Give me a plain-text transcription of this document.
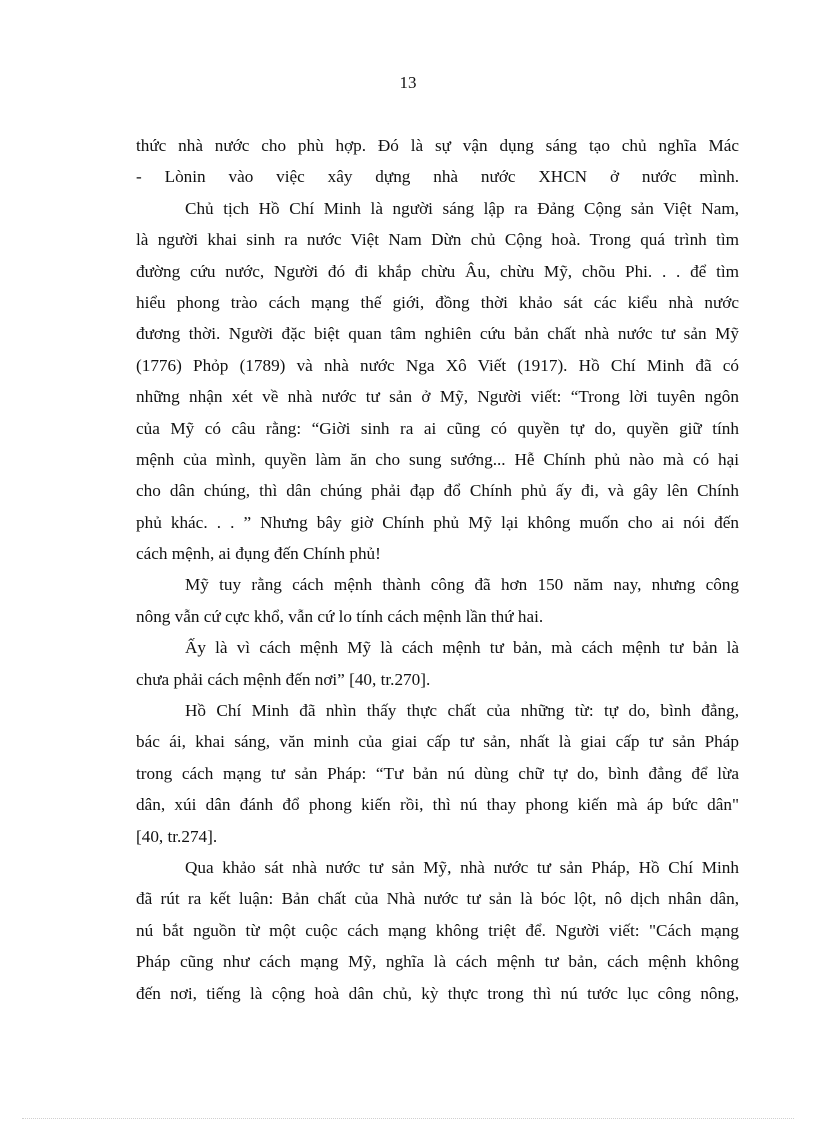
13
thức nhà nước cho phù hợp. Đó là sự vận dụng sáng tạo chủ nghĩa Mác
- Lònin vào việc xây dựng nhà nước XHCN ở nước mình.
Chủ tịch Hồ Chí Minh là người sáng lập ra Đảng Cộng sản Việt Nam,
là người khai sinh ra nước Việt Nam Dừn chủ Cộng hoà. Trong quá trình tìm
đường cứu nước, Người đó đi khắp chừu Âu, chừu Mỹ, chõu Phi. . . để tìm
hiểu phong trào cách mạng thế giới, đồng thời khảo sát các kiểu nhà nước
đương thời. Người đặc biệt quan tâm nghiên cứu bản chất nhà nước tư sản Mỹ
(1776) Phỏp (1789) và nhà nước Nga Xô Viết (1917). Hồ Chí Minh đã có
những nhận xét về nhà nước tư sản ở Mỹ, Người viết: “Trong lời tuyên ngôn
của Mỹ có câu rằng: “Giời sinh ra ai cũng có quyền tự do, quyền giữ tính
mệnh của mình, quyền làm ăn cho sung sướng... Hễ Chính phủ nào mà có hại
cho dân chúng, thì dân chúng phải đạp đổ Chính phủ ấy đi, và gây lên Chính
phủ khác. . . ” Nhưng bây giờ Chính phủ Mỹ lại không muốn cho ai nói đến
cách mệnh, ai đụng đến Chính phủ!
Mỹ tuy rằng cách mệnh thành công đã hơn 150 năm nay, nhưng công
nông vẫn cứ cực khổ, vẫn cứ lo tính cách mệnh lần thứ hai.
Ấy là vì cách mệnh Mỹ là cách mệnh tư bản, mà cách mệnh tư bản là
chưa phải cách mệnh đến nơi” [40, tr.270].
Hồ Chí Minh đã nhìn thấy thực chất của những từ: tự do, bình đẳng,
bác ái, khai sáng, văn minh của giai cấp tư sản, nhất là giai cấp tư sản Pháp
trong cách mạng tư sản Pháp: “Tư bản nú dùng chữ tự do, bình đẳng để lừa
dân, xúi dân đánh đổ phong kiến rồi, thì nú thay phong kiến mà áp bức dân"
[40, tr.274].
Qua khảo sát nhà nước tư sản Mỹ, nhà nước tư sản Pháp, Hồ Chí Minh
đã rút ra kết luận: Bản chất của Nhà nước tư sản là bóc lột, nô dịch nhân dân,
nú bắt nguồn từ một cuộc cách mạng không triệt để. Người viết: "Cách mạng
Pháp cũng như cách mạng Mỹ, nghĩa là cách mệnh tư bản, cách mệnh không
đến nơi, tiếng là cộng hoà dân chủ, kỳ thực trong thì nú tước lục công nông,
